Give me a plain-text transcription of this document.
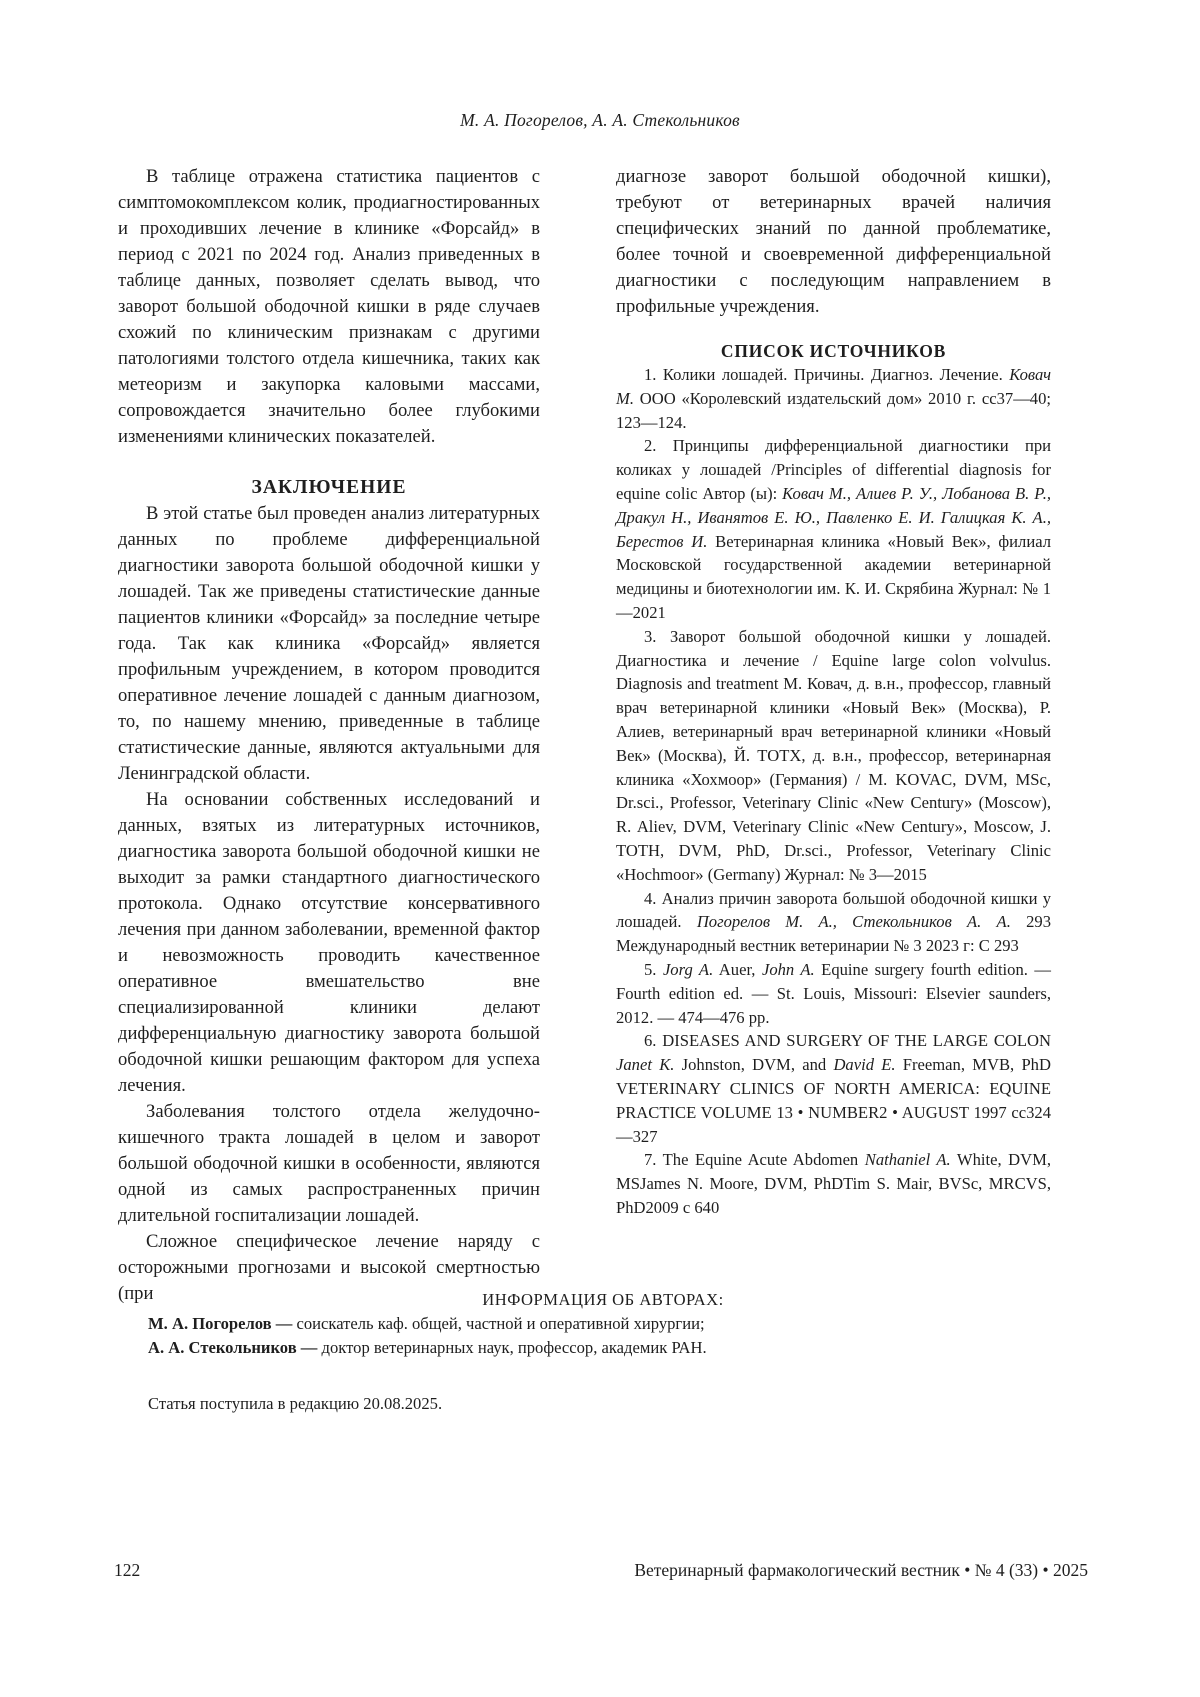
М. А. Погорелов, А. А. Стекольников

В таблице отражена статистика пациентов с симптомокомплексом колик, продиагностированных и проходивших лечение в клинике «Форсайд» в период с 2021 по 2024 год. Анализ приведенных в таблице данных, позволяет сделать вывод, что заворот большой ободочной кишки в ряде случаев схожий по клиническим признакам с другими патологиями толстого отдела кишечника, таких как метеоризм и закупорка каловыми массами, сопровождается значительно более глубокими изменениями клинических показателей.

ЗАКЛЮЧЕНИЕ

В этой статье был проведен анализ литературных данных по проблеме дифференциальной диагностики заворота большой ободочной кишки у лошадей. Так же приведены статистические данные пациентов клиники «Форсайд» за последние четыре года. Так как клиника «Форсайд» является профильным учреждением, в котором проводится оперативное лечение лошадей с данным диагнозом, то, по нашему мнению, приведенные в таблице статистические данные, являются актуальными для Ленинградской области.

На основании собственных исследований и данных, взятых из литературных источников, диагностика заворота большой ободочной кишки не выходит за рамки стандартного диагностического протокола. Однако отсутствие консервативного лечения при данном заболевании, временной фактор и невозможность проводить качественное оперативное вмешательство вне специализированной клиники делают дифференциальную диагностику заворота большой ободочной кишки решающим фактором для успеха лечения.

Заболевания толстого отдела желудочно-кишечного тракта лошадей в целом и заворот большой ободочной кишки в особенности, являются одной из самых распространенных причин длительной госпитализации лошадей.

Сложное специфическое лечение наряду с осторожными прогнозами и высокой смертностью (при

диагнозе заворот большой ободочной кишки), требуют от ветеринарных врачей наличия специфических знаний по данной проблематике, более точной и своевременной дифференциальной диагностики с последующим направлением в профильные учреждения.

СПИСОК ИСТОЧНИКОВ

1. Колики лошадей. Причины. Диагноз. Лечение. Ковач М. ООО «Королевский издательский дом» 2010 г. сс37—40; 123—124.

2. Принципы дифференциальной диагностики при коликах у лошадей /Principles of differential diagnosis for equine colic Автор (ы): Ковач М., Алиев Р. У., Лобанова В. Р., Дракул Н., Иванятов Е. Ю., Павленко Е. И. Галицкая К. А., Берестов И. Ветеринарная клиника «Новый Век», филиал Московской государственной академии ветеринарной медицины и биотехнологии им. К. И. Скрябина Журнал: № 1—2021

3. Заворот большой ободочной кишки у лошадей. Диагностика и лечение / Equine large colon volvulus. Diagnosis and treatment М. Ковач, д. в.н., профессор, главный врач ветеринарной клиники «Новый Век» (Москва), Р. Алиев, ветеринарный врач ветеринарной клиники «Новый Век» (Москва), Й. ТОТХ, д. в.н., профессор, ветеринарная клиника «Хохмоор» (Германия) / M. KOVAC, DVM, MSc, Dr.sci., Professor, Veterinary Clinic «New Century» (Moscow), R. Aliev, DVM, Veterinary Clinic «New Century», Moscow, J. TOTH, DVM, PhD, Dr.sci., Professor, Veterinary Clinic «Hochmoor» (Germany) Журнал: № 3—2015

4. Анализ причин заворота большой ободочной кишки у лошадей. Погорелов М. А., Стекольников А. А. 293 Международный вестник ветеринарии № 3 2023 г: С 293

5. Jorg A. Auer, John A. Equine surgery fourth edition. — Fourth edition ed. — St. Louis, Missouri: Elsevier saunders, 2012. — 474—476 pp.

6. DISEASES AND SURGERY OF THE LARGE COLON Janet K. Johnston, DVM, and David E. Freeman, MVB, PhD VETERINARY CLINICS OF NORTH AMERICA: EQUINE PRACTICE VOLUME 13 • NUMBER2 • AUGUST 1997 cc324—327

7. The Equine Acute Abdomen Nathaniel A. White, DVM, MSJames N. Moore, DVM, PhDTim S. Mair, BVSc, MRCVS, PhD2009 c 640

ИНФОРМАЦИЯ ОБ АВТОРАХ:

М. А. Погорелов — соискатель каф. общей, частной и оперативной хирургии;

А. А. Стекольников — доктор ветеринарных наук, профессор, академик РАН.

Статья поступила в редакцию 20.08.2025.
122	Ветеринарный фармакологический вестник • № 4 (33) • 2025
